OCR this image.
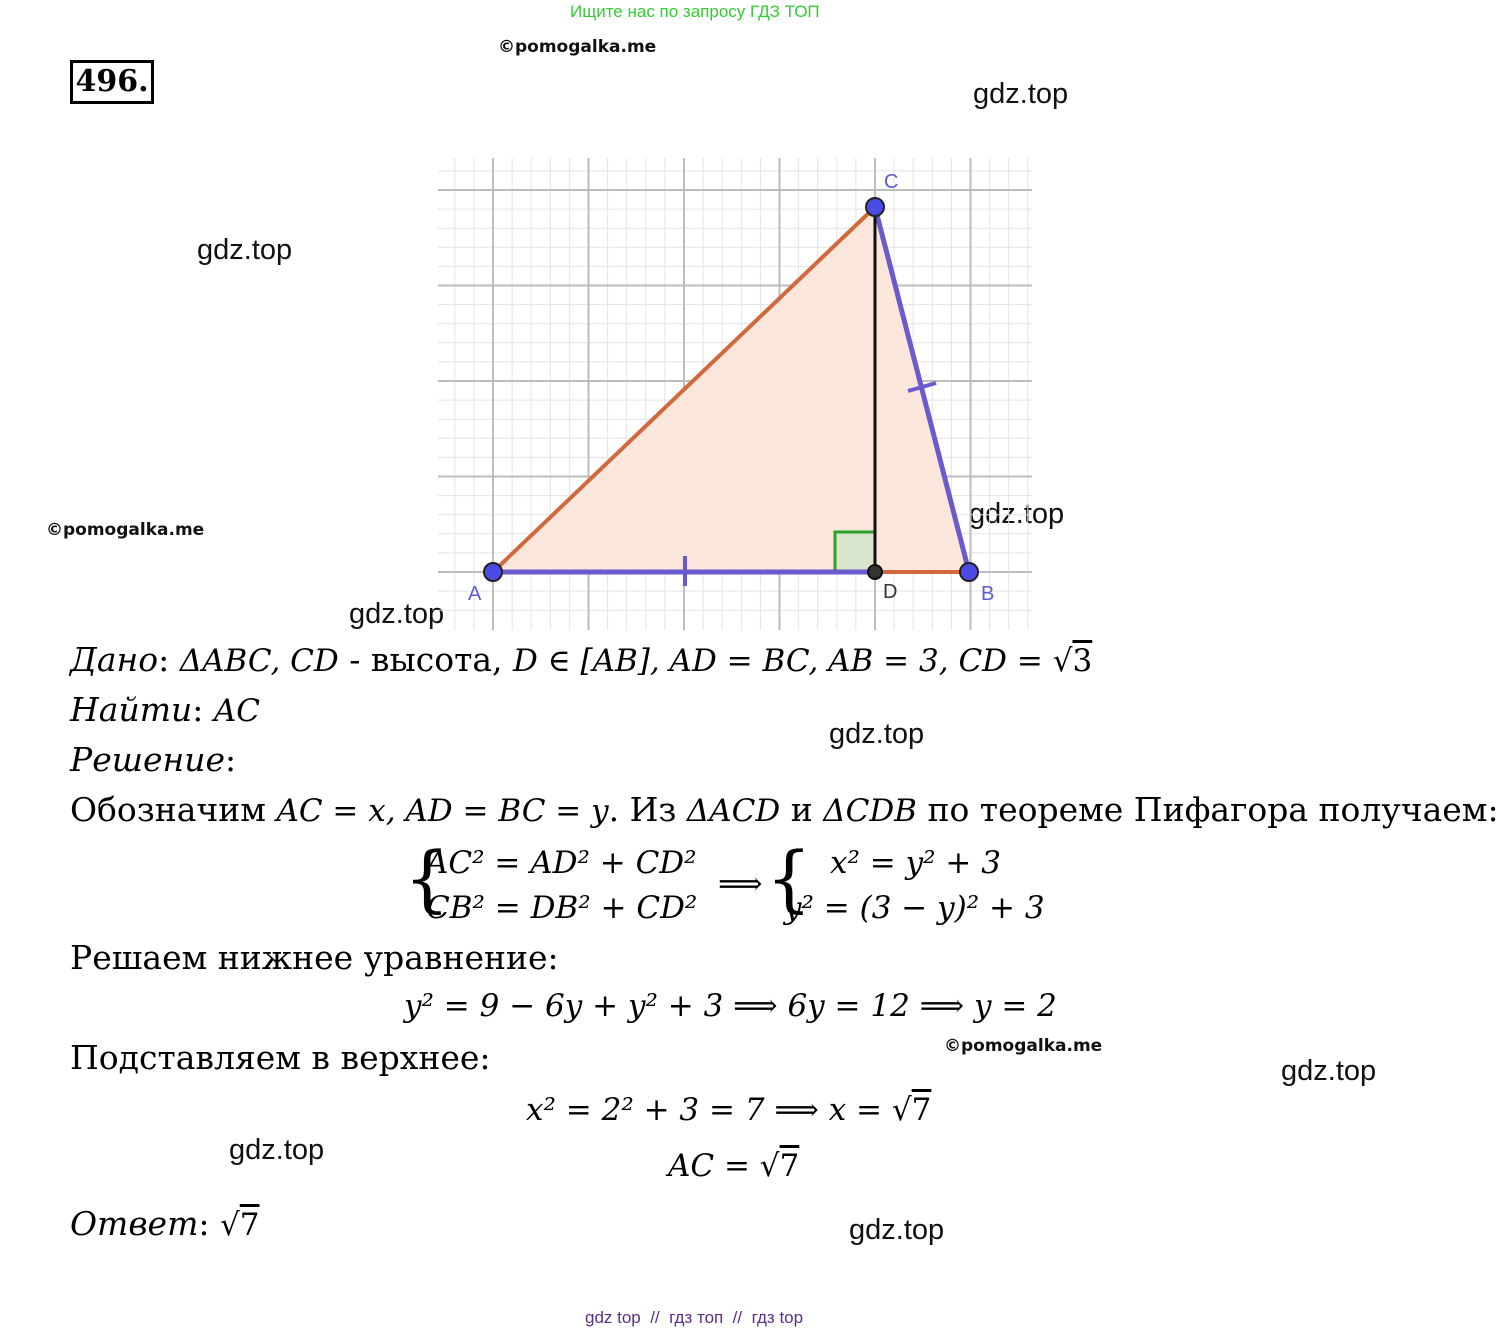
Ищите нас по запросу ГДЗ ТОП
496.
©pomogalka.me
©pomogalka.me
©pomogalka.me
gdz.top
gdz.top
gdz.top
gdz.top
gdz.top
gdz.top
gdz.top
gdz.top
A	B
C
D
Дано: ΔABC, CD - высота, D ∈ [AB], AD = BC, AB = 3, CD = √3
Найти: AC
Решение:
Обозначим AC = x, AD = BC = y. Из ΔACD и ΔCDB по теореме Пифагора получаем:
{
AC² = AD² + CD²
CB² = DB² + CD²
⟹ { x² = y² + 3
y² = (3 − y)² + 3
Решаем нижнее уравнение:
y² = 9 − 6y + y² + 3 ⟹ 6y = 12 ⟹ y = 2
Подставляем в верхнее:
x² = 2² + 3 = 7 ⟹ x = √7
AC = √7
Ответ: √7
gdz top  //  гдз топ  //  гдз top
